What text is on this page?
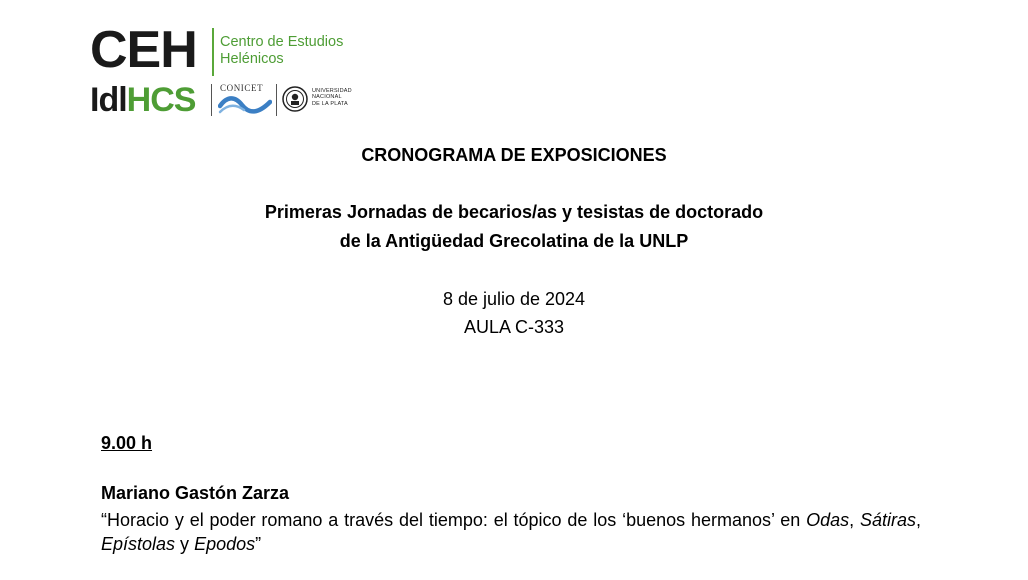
CEH Centro de Estudios
Helénicos
IdlHCS	CONICET	UNIVERSIDAD
NACIONAL
DE LA PLATA
CRONOGRAMA DE EXPOSICIONES
Primeras Jornadas de becarios/as y tesistas de doctorado
de la Antigüedad Grecolatina de la UNLP
8 de julio de 2024
AULA C-333
9.00 h
Mariano Gastón Zarza
“Horacio y el poder romano a través del tiempo: el tópico de los ‘buenos hermanos’ en Odas, Sátiras, Epístolas y Epodos”
